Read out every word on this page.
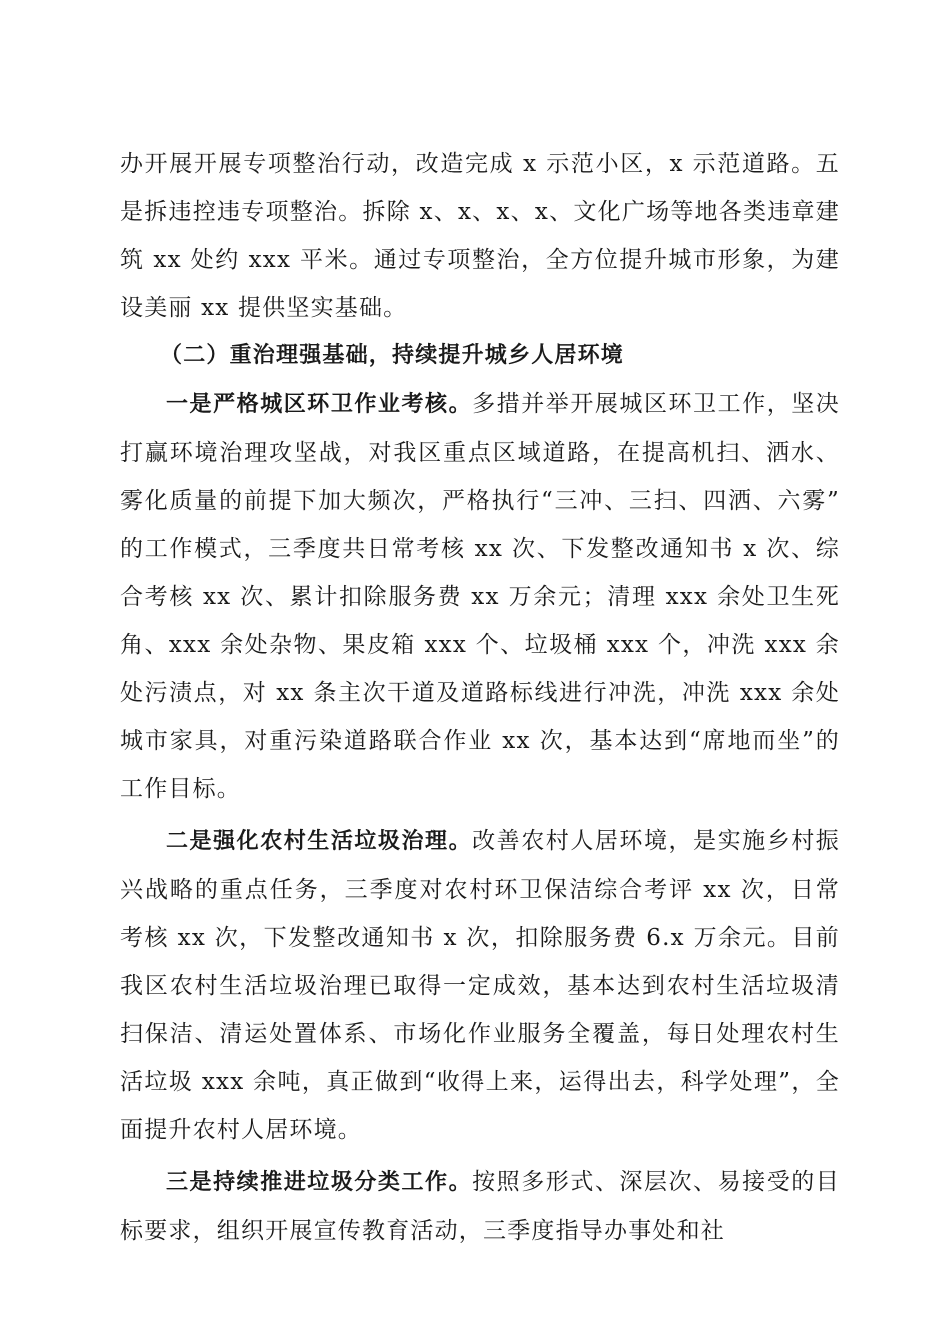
办开展开展专项整治行动，改造完成 x 示范小区，x 示范道路。五是拆违控违专项整治。拆除 x、x、x、x、文化广场等地各类违章建筑 xx 处约 xxx 平米。通过专项整治，全方位提升城市形象，为建设美丽 xx 提供坚实基础。

（二）重治理强基础，持续提升城乡人居环境

一是严格城区环卫作业考核。多措并举开展城区环卫工作，坚决打赢环境治理攻坚战，对我区重点区域道路，在提高机扫、洒水、雾化质量的前提下加大频次，严格执行“三冲、三扫、四洒、六雾”的工作模式，三季度共日常考核 xx 次、下发整改通知书 x 次、综合考核 xx 次、累计扣除服务费 xx 万余元；清理 xxx 余处卫生死角、xxx 余处杂物、果皮箱 xxx 个、垃圾桶 xxx 个，冲洗 xxx 余处污渍点，对 xx 条主次干道及道路标线进行冲洗，冲洗 xxx 余处城市家具，对重污染道路联合作业 xx 次，基本达到“席地而坐”的工作目标。

二是强化农村生活垃圾治理。改善农村人居环境，是实施乡村振兴战略的重点任务，三季度对农村环卫保洁综合考评 xx 次，日常考核 xx 次，下发整改通知书 x 次，扣除服务费 6.x 万余元。目前我区农村生活垃圾治理已取得一定成效，基本达到农村生活垃圾清扫保洁、清运处置体系、市场化作业服务全覆盖，每日处理农村生活垃圾 xxx 余吨，真正做到“收得上来，运得出去，科学处理”，全面提升农村人居环境。

三是持续推进垃圾分类工作。按照多形式、深层次、易接受的目标要求，组织开展宣传教育活动，三季度指导办事处和社
